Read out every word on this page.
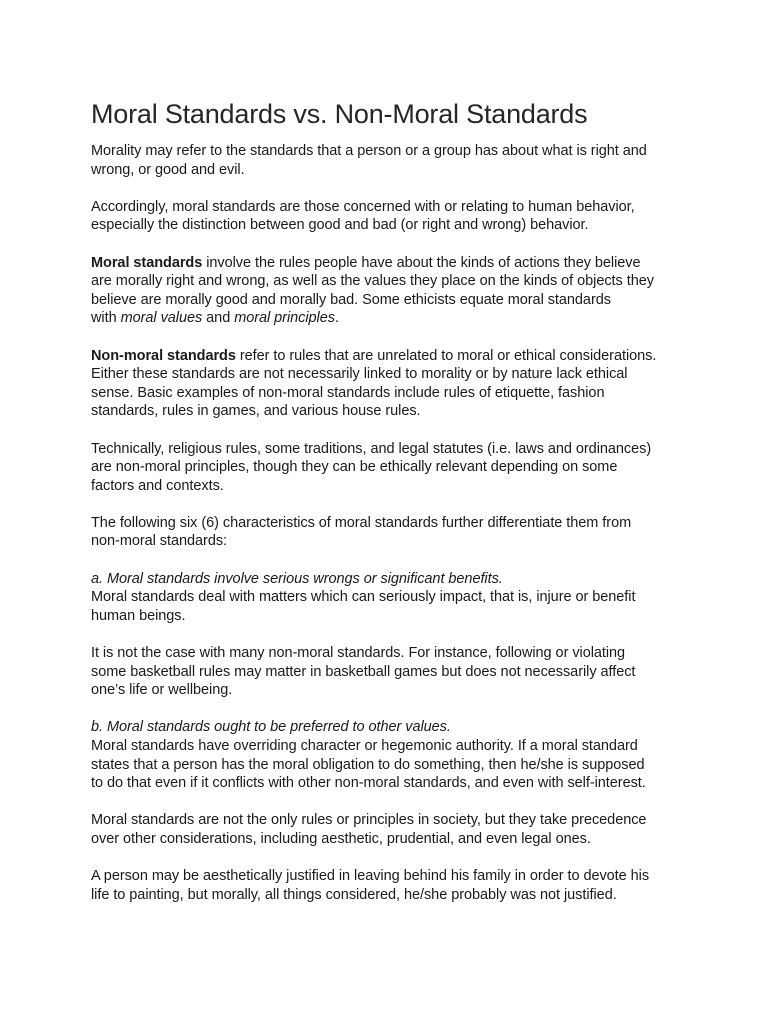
Moral Standards vs. Non-Moral Standards

Morality may refer to the standards that a person or a group has about what is right and
wrong, or good and evil.

Accordingly, moral standards are those concerned with or relating to human behavior,
especially the distinction between good and bad (or right and wrong) behavior.

Moral standards involve the rules people have about the kinds of actions they believe
are morally right and wrong, as well as the values they place on the kinds of objects they
believe are morally good and morally bad. Some ethicists equate moral standards
with moral values and moral principles.

Non-moral standards refer to rules that are unrelated to moral or ethical considerations.
Either these standards are not necessarily linked to morality or by nature lack ethical
sense. Basic examples of non-moral standards include rules of etiquette, fashion
standards, rules in games, and various house rules.

Technically, religious rules, some traditions, and legal statutes (i.e. laws and ordinances)
are non-moral principles, though they can be ethically relevant depending on some
factors and contexts.

The following six (6) characteristics of moral standards further differentiate them from
non-moral standards:

a. Moral standards involve serious wrongs or significant benefits.
Moral standards deal with matters which can seriously impact, that is, injure or benefit
human beings.

It is not the case with many non-moral standards. For instance, following or violating
some basketball rules may matter in basketball games but does not necessarily affect
one’s life or wellbeing.

b. Moral standards ought to be preferred to other values.
Moral standards have overriding character or hegemonic authority. If a moral standard
states that a person has the moral obligation to do something, then he/she is supposed
to do that even if it conflicts with other non-moral standards, and even with self-interest.

Moral standards are not the only rules or principles in society, but they take precedence
over other considerations, including aesthetic, prudential, and even legal ones.

A person may be aesthetically justified in leaving behind his family in order to devote his
life to painting, but morally, all things considered, he/she probably was not justified.
